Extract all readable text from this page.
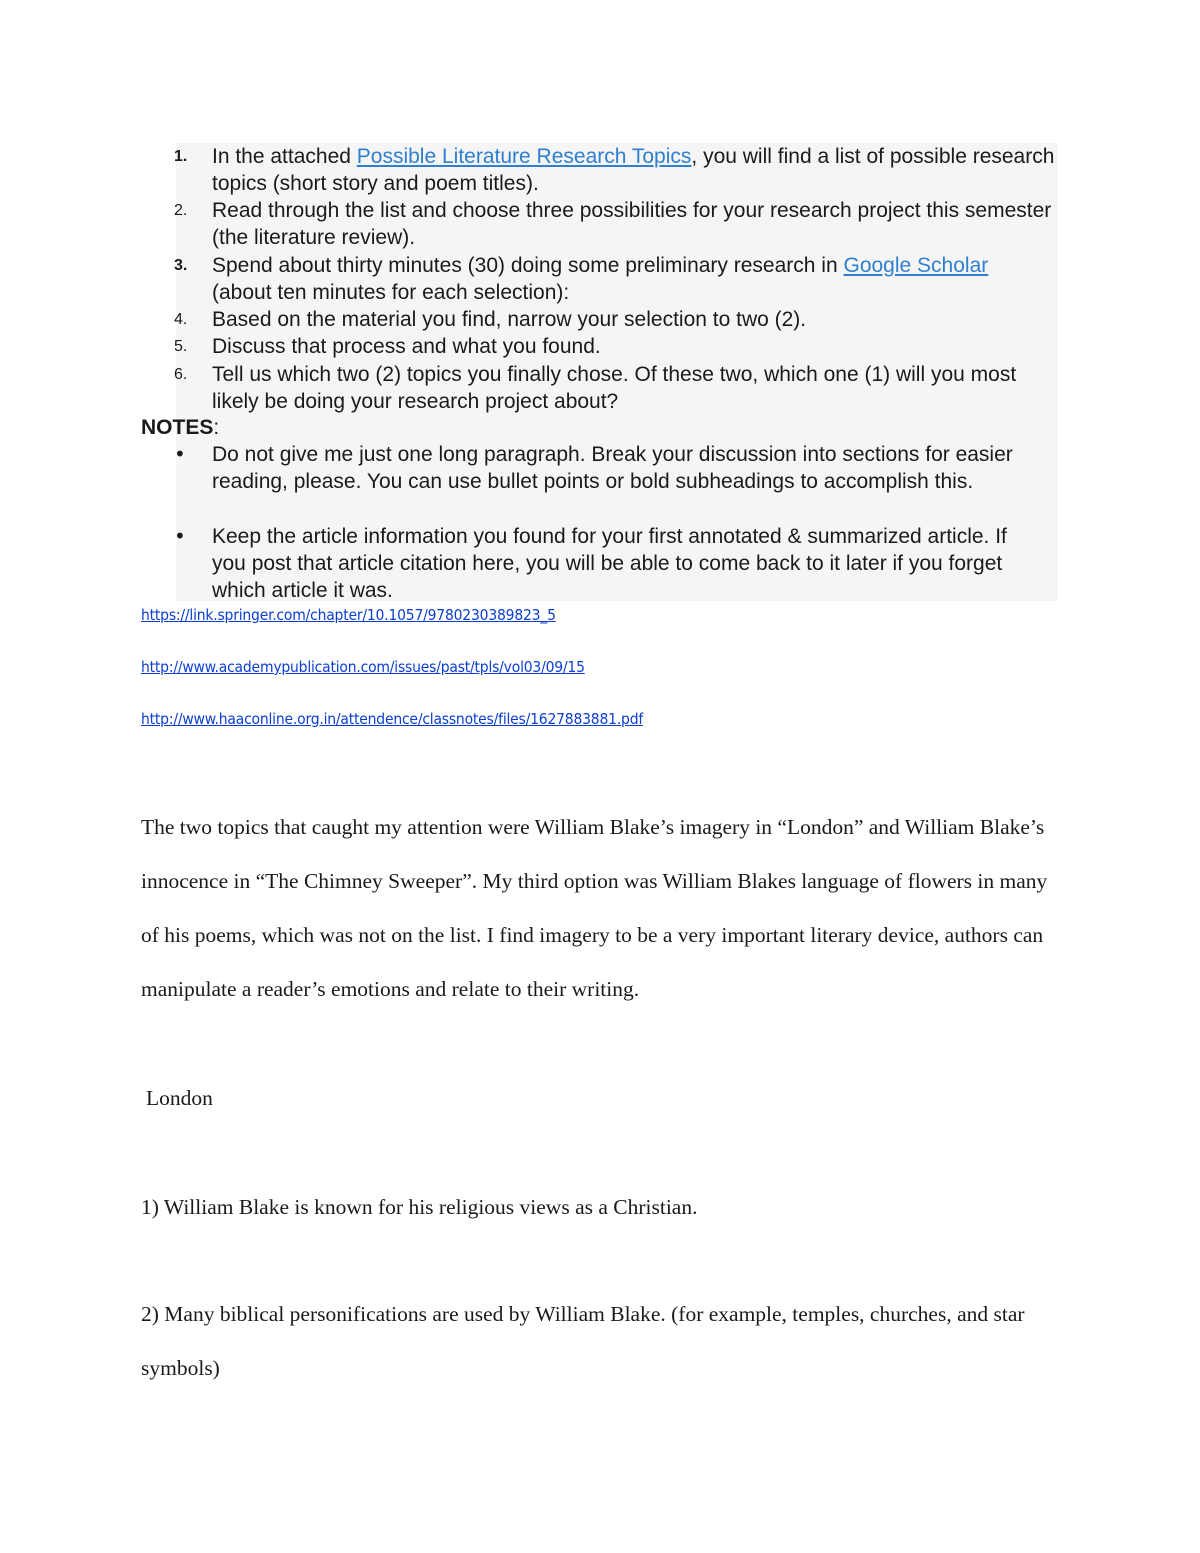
1.	In the attached Possible Literature Research Topics, you will find a list of possible research topics (short story and poem titles).
2.	Read through the list and choose three possibilities for your research project this semester (the literature review).
3.	Spend about thirty minutes (30) doing some preliminary research in Google Scholar (about ten minutes for each selection):
4.	Based on the material you find, narrow your selection to two (2).
5.	Discuss that process and what you found.
6.	Tell us which two (2) topics you finally chose. Of these two, which one (1) will you most likely be doing your research project about?
NOTES:
• Do not give me just one long paragraph. Break your discussion into sections for easier reading, please. You can use bullet points or bold subheadings to accomplish this.
• Keep the article information you found for your first annotated & summarized article. If you post that article citation here, you will be able to come back to it later if you forget which article it was.
https://link.springer.com/chapter/10.1057/9780230389823_5
http://www.academypublication.com/issues/past/tpls/vol03/09/15
http://www.haaconline.org.in/attendence/classnotes/files/1627883881.pdf
The two topics that caught my attention were William Blake’s imagery in “London” and William Blake’s innocence in “The Chimney Sweeper”. My third option was William Blakes language of flowers in many of his poems, which was not on the list. I find imagery to be a very important literary device, authors can manipulate a reader’s emotions and relate to their writing.
London
1) William Blake is known for his religious views as a Christian.
2) Many biblical personifications are used by William Blake. (for example, temples, churches, and star symbols)
